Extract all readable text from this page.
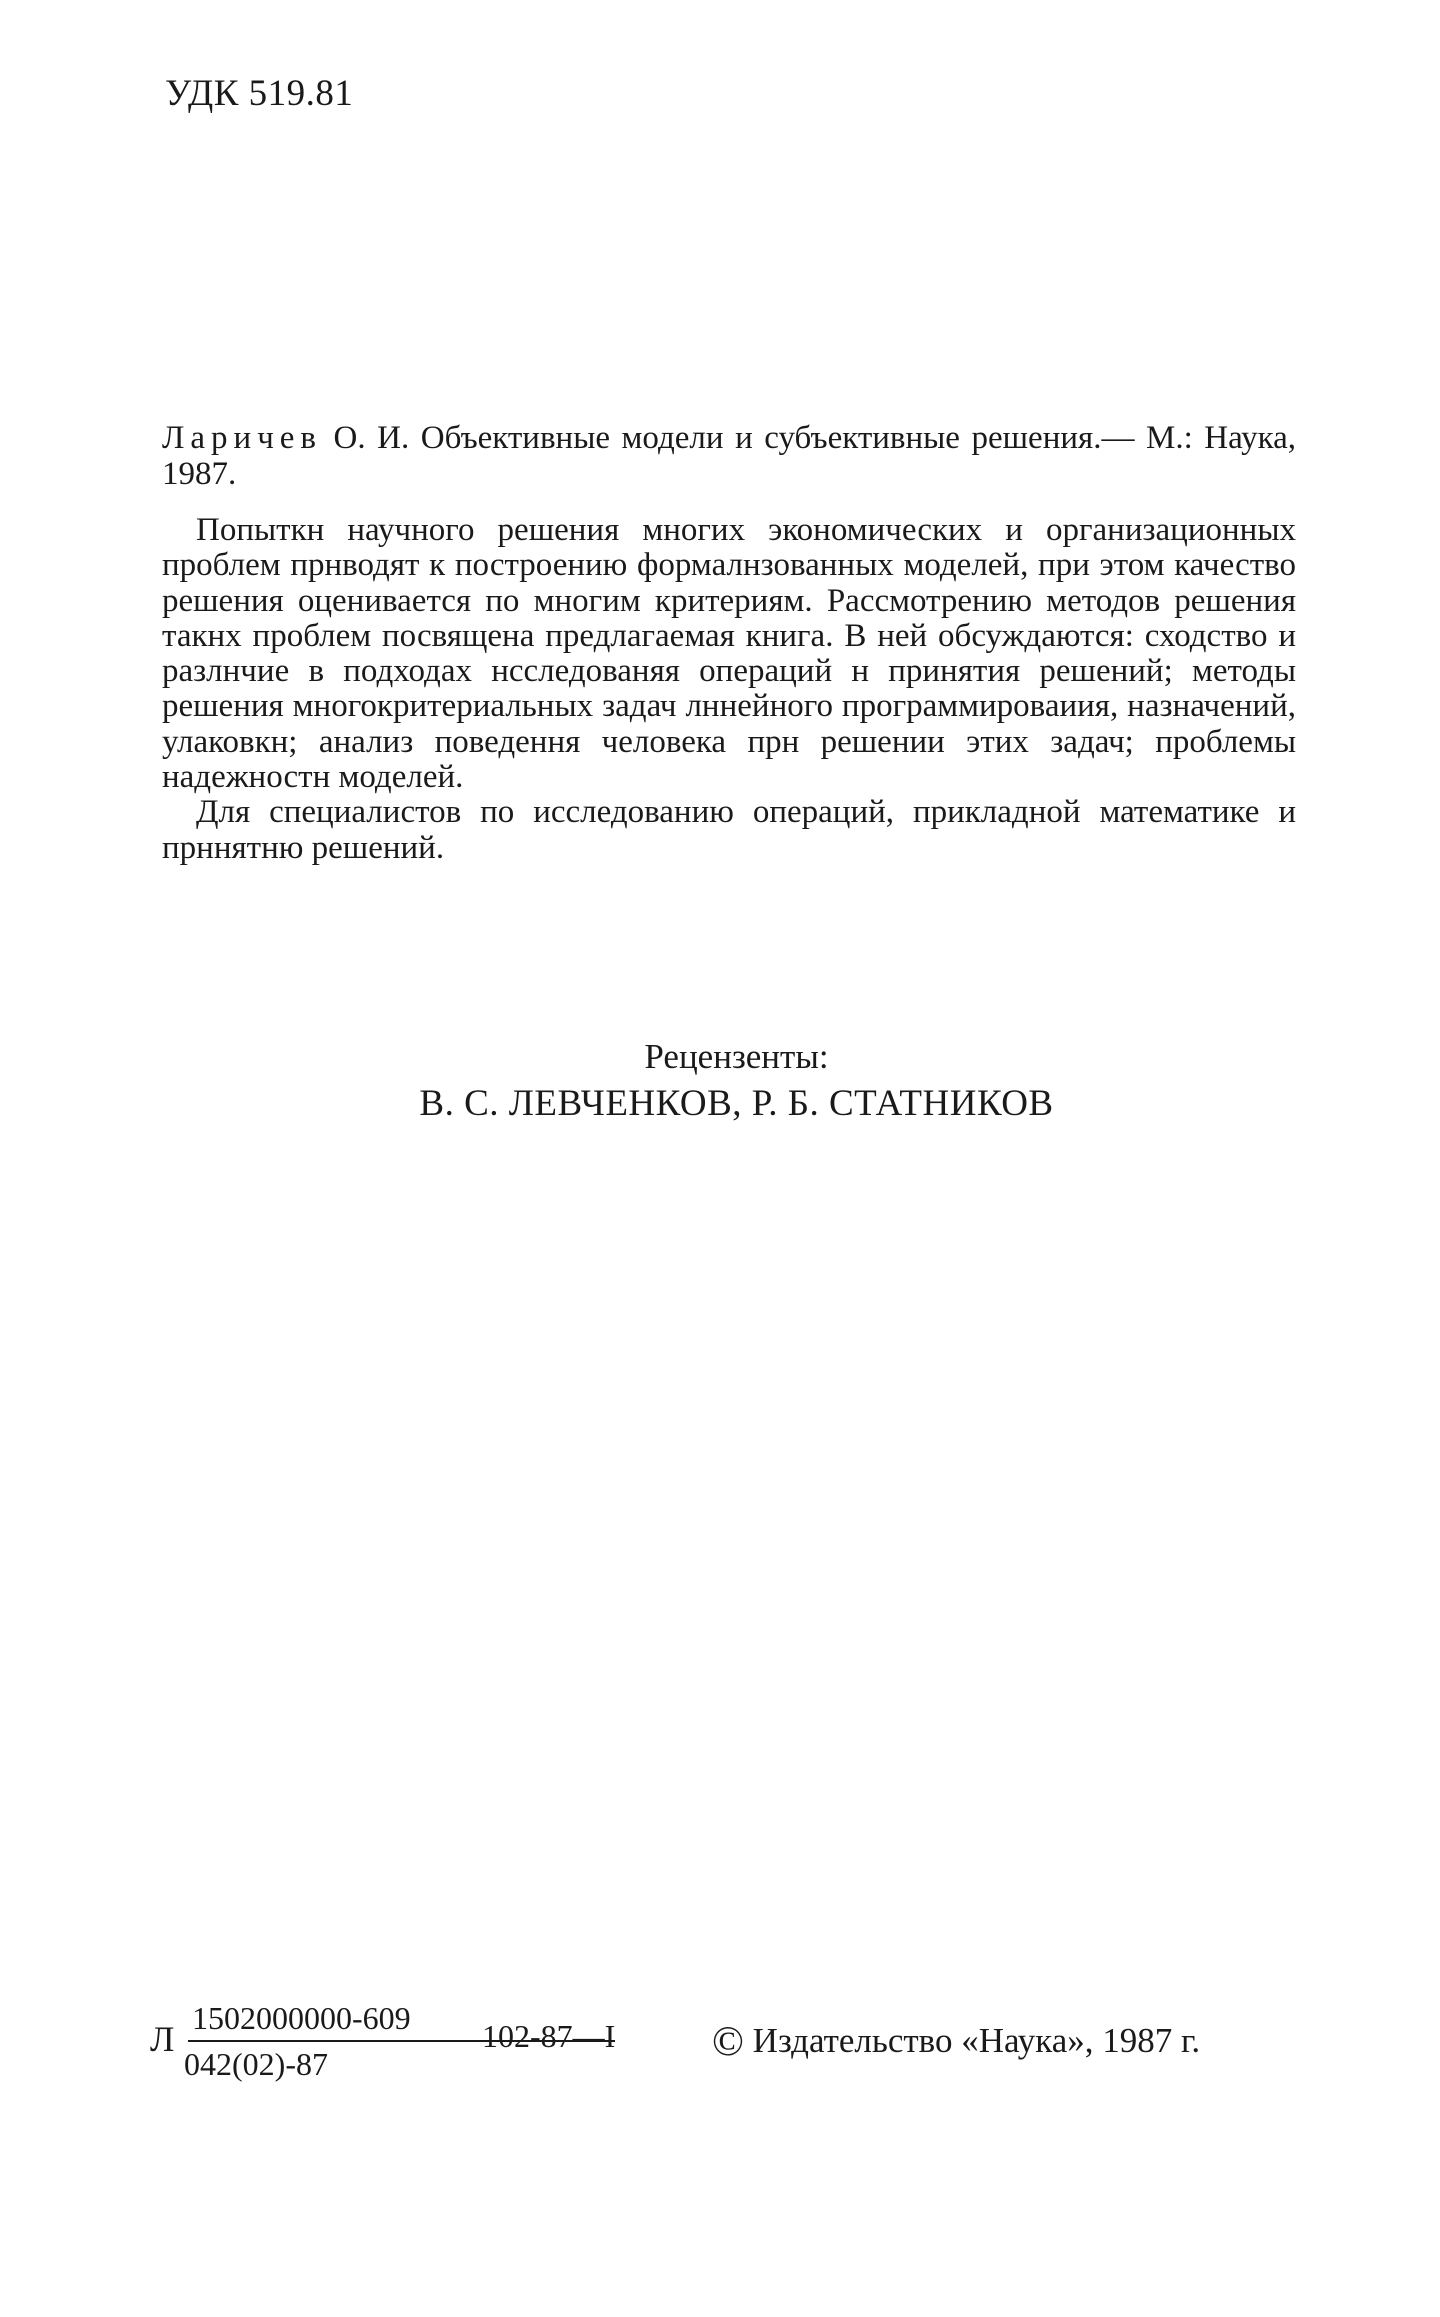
УДК 519.81
Ларичев О. И. Объективные модели и субъективные решения.— М.: Наука, 1987.

Попыткн научного решения многих экономических и организационных проблем прнводят к построению формалнзованных моделей, при этом качество решения оценивается по многим критериям. Рассмотрению методов решения такнх проблем посвящена предлагаемая книга. В ней обсуждаются: сходство и разлнчие в подходах нсследованяя операций н принятия решений; методы решения многокритериальных задач лннейного программироваиия, назначений, улаковкн; анализ поведення человека прн решении этих задач; проблемы надежностн моделей.

Для специалистов по исследованию операций, прикладной математике и прннятню решений.

Рецензенты:
В. С. ЛЕВЧЕНКОВ, Р. Б. СТАТНИКОВ
Л
1502000000-609
042(02)-87
102-87—I © Издательство «Наука», 1987 г.
